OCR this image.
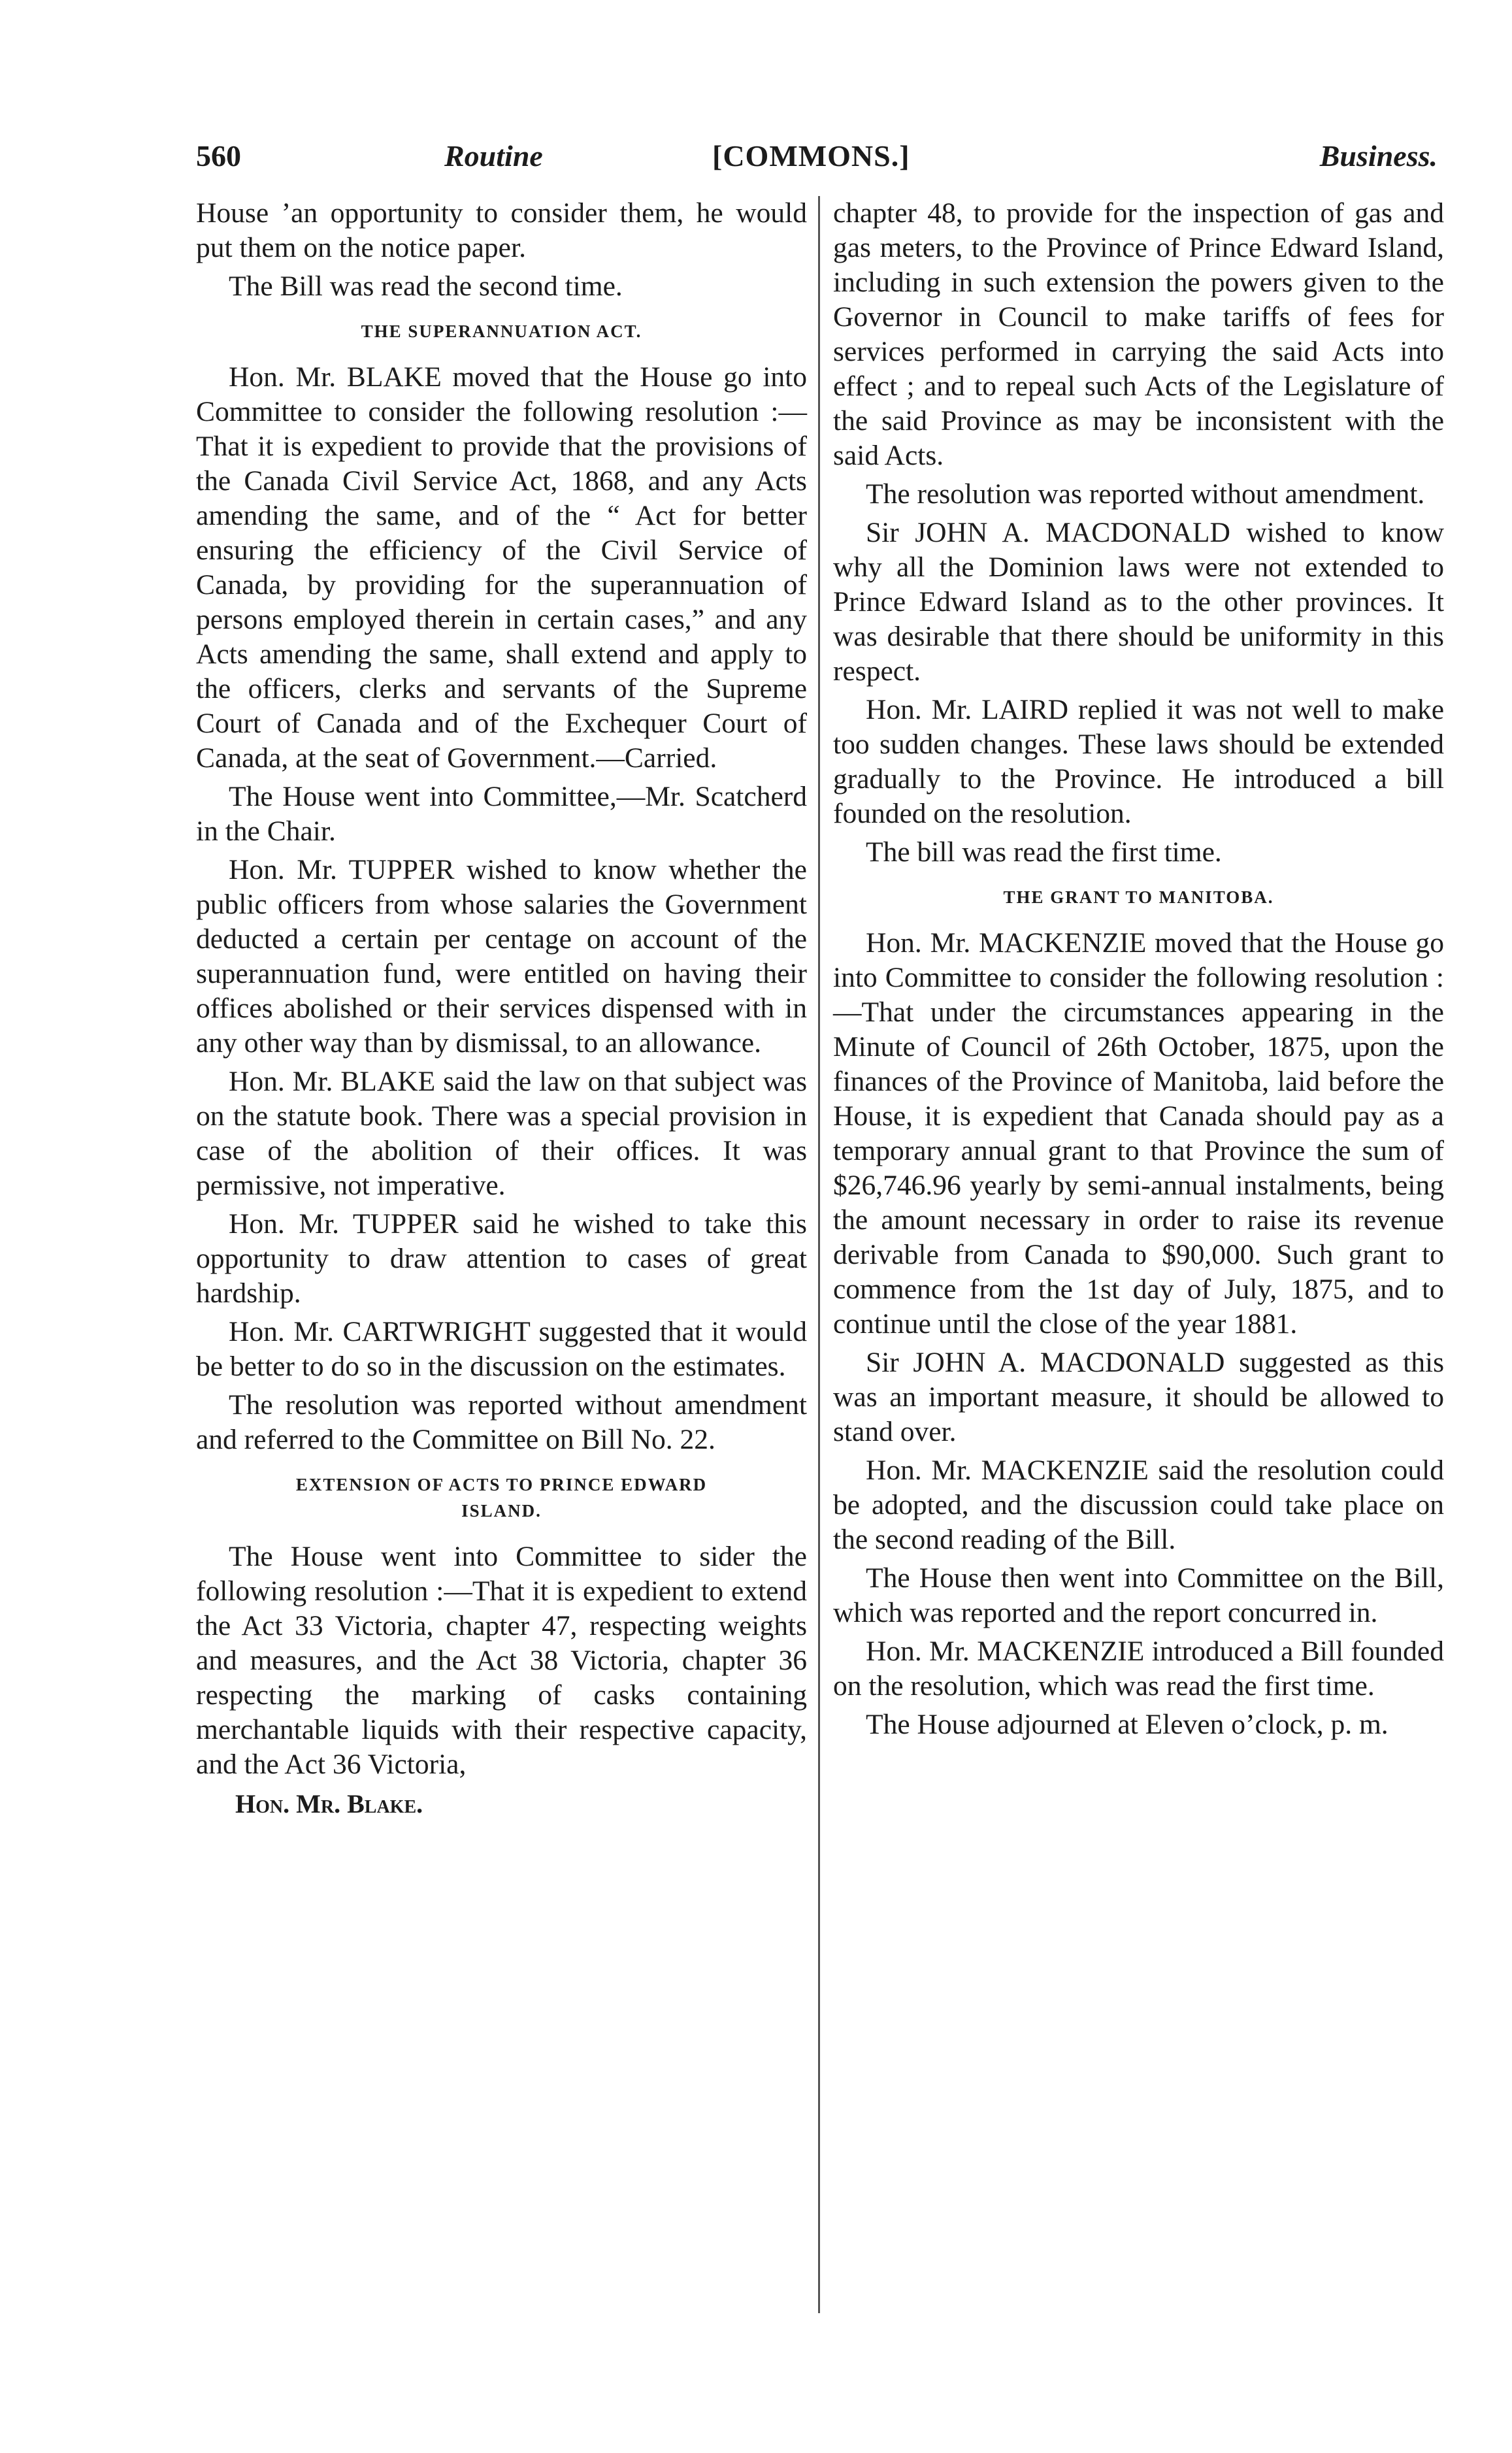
560	Routine	[COMMONS.]	Business.

House ’an opportunity to consider them, he would put them on the notice paper.

The Bill was read the second time.

THE SUPERANNUATION ACT.

Hon. Mr. BLAKE moved that the House go into Committee to consider the following resolution :—That it is expedient to provide that the provisions of the Canada Civil Service Act, 1868, and any Acts amending the same, and of the “ Act for better ensuring the efficiency of the Civil Service of Canada, by providing for the superannuation of persons employed therein in certain cases,” and any Acts amending the same, shall extend and apply to the officers, clerks and servants of the Supreme Court of Canada and of the Exchequer Court of Canada, at the seat of Government.—Carried.

The House went into Committee,—Mr. Scatcherd in the Chair.

Hon. Mr. TUPPER wished to know whether the public officers from whose salaries the Government deducted a certain per centage on account of the superannuation fund, were entitled on having their offices abolished or their services dispensed with in any other way than by dismissal, to an allowance.

Hon. Mr. BLAKE said the law on that subject was on the statute book. There was a special provision in case of the abolition of their offices. It was permissive, not imperative.

Hon. Mr. TUPPER said he wished to take this opportunity to draw attention to cases of great hardship.

Hon. Mr. CARTWRIGHT suggested that it would be better to do so in the discussion on the estimates.

The resolution was reported without amendment and referred to the Committee on Bill No. 22.

EXTENSION OF ACTS TO PRINCE EDWARD
ISLAND.

The House went into Committee to sider the following resolution :—That it is expedient to extend the Act 33 Victoria, chapter 47, respecting weights and measures, and the Act 38 Victoria, chapter 36 respecting the marking of casks containing merchantable liquids with their respective capacity, and the Act 36 Victoria,

Hon. Mr. Blake.

chapter 48, to provide for the inspection of gas and gas meters, to the Province of Prince Edward Island, including in such extension the powers given to the Governor in Council to make tariffs of fees for services performed in carrying the said Acts into effect ; and to repeal such Acts of the Legislature of the said Province as may be inconsistent with the said Acts.

The resolution was reported without amendment.

Sir JOHN A. MACDONALD wished to know why all the Dominion laws were not extended to Prince Edward Island as to the other provinces. It was desirable that there should be uniformity in this respect.

Hon. Mr. LAIRD replied it was not well to make too sudden changes. These laws should be extended gradually to the Province. He introduced a bill founded on the resolution.

The bill was read the first time.

THE GRANT TO MANITOBA.

Hon. Mr. MACKENZIE moved that the House go into Committee to consider the following resolution :—That under the circumstances appearing in the Minute of Council of 26th October, 1875, upon the finances of the Province of Manitoba, laid before the House, it is expedient that Canada should pay as a temporary annual grant to that Province the sum of $26,746.96 yearly by semi-annual instalments, being the amount necessary in order to raise its revenue derivable from Canada to $90,000. Such grant to commence from the 1st day of July, 1875, and to continue until the close of the year 1881.

Sir JOHN A. MACDONALD suggested as this was an important measure, it should be allowed to stand over.

Hon. Mr. MACKENZIE said the resolution could be adopted, and the discussion could take place on the second reading of the Bill.

The House then went into Committee on the Bill, which was reported and the report concurred in.

Hon. Mr. MACKENZIE introduced a Bill founded on the resolution, which was read the first time.

The House adjourned at Eleven o’clock, p. m.
